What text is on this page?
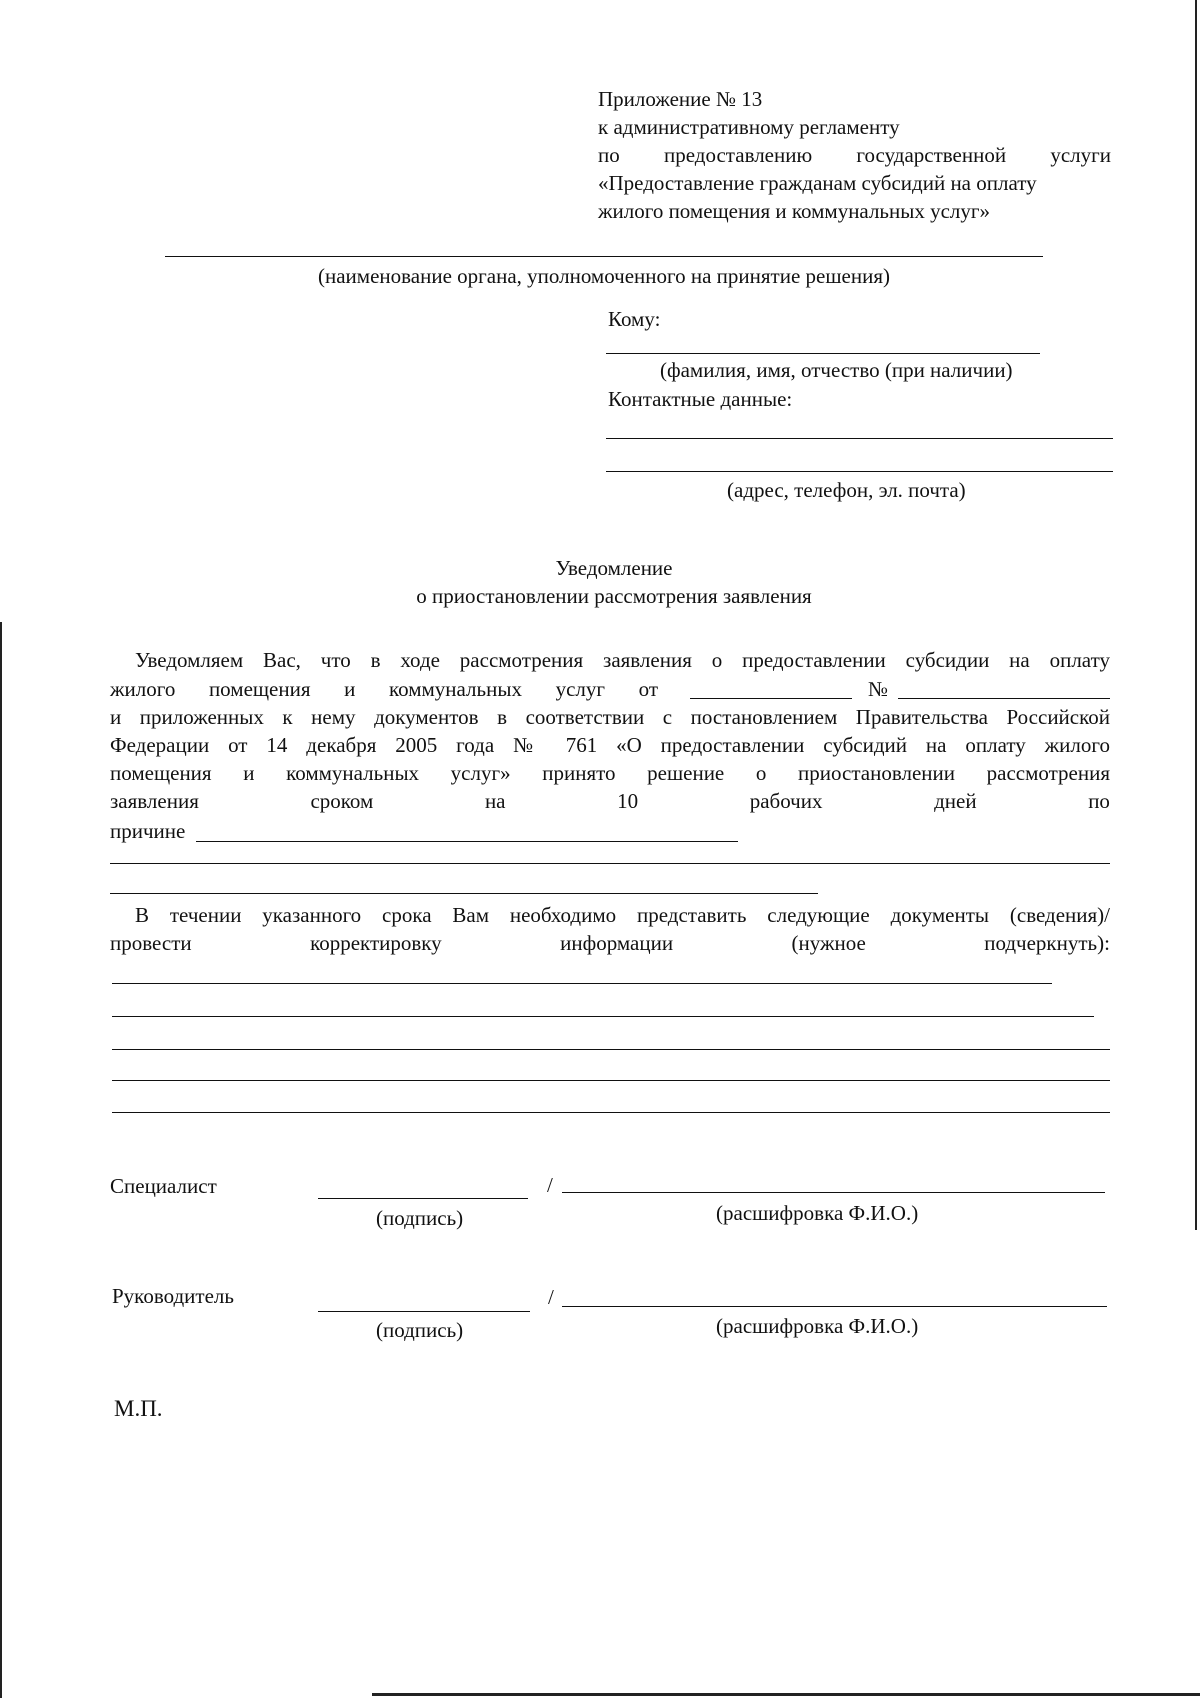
Приложение № 13
к административному регламенту
по предоставлению государственной услуги
«Предоставление гражданам субсидий на оплату
жилого помещения и коммунальных услуг»
(наименование органа, уполномоченного на принятие решения)
Кому:
(фамилия, имя, отчество (при наличии)
Контактные данные:
(адрес, телефон, эл. почта)
Уведомление
о приостановлении рассмотрения заявления
Уведомляем Вас, что в ходе рассмотрения заявления о предоставлении субсидии на оплату
жилого помещения и коммунальных услуг от	№
и приложенных к нему документов в соответствии с постановлением Правительства Российской
Федерации от 14 декабря 2005 года № 761 «О предоставлении субсидий на оплату жилого
помещения и коммунальных услуг» принято решение о приостановлении рассмотрения
заявления	сроком	на	10	рабочих	дней	по
причине
В течении указанного срока Вам необходимо представить следующие документы (сведения)/
провести	корректировку	информации	(нужное	подчеркнуть):
Специалист	/
(подпись)	(расшифровка Ф.И.О.)
Руководитель	/
(подпись)	(расшифровка Ф.И.О.)
М.П.
